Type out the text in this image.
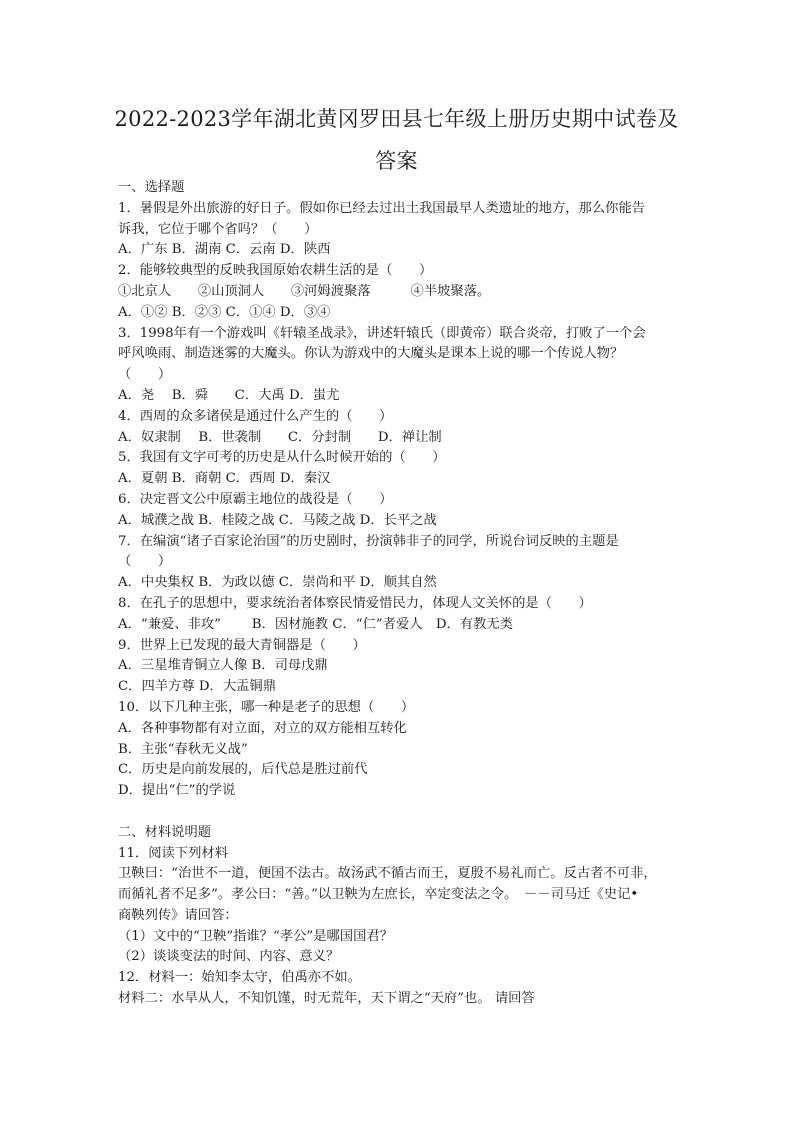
2022-2023学年湖北黄冈罗田县七年级上册历史期中试卷及
答案
一、选择题
1．暑假是外出旅游的好日子。假如你已经去过出土我国最早人类遗址的地方，那么你能告
诉我，它位于哪个省吗？（　　）
A．广东 B．湖南 C．云南 D．陕西
2．能够较典型的反映我国原始农耕生活的是（　　）
①北京人　　②山顶洞人　　③河姆渡聚落　　　④半坡聚落。
A．①② B．②③ C．①④ D．③④
3．1998年有一个游戏叫《轩辕圣战录》，讲述轩辕氏（即黄帝）联合炎帝，打败了一个会
呼风唤雨、制造迷雾的大魔头。你认为游戏中的大魔头是课本上说的哪一个传说人物？
（　　）
A．尧　 B．舜　　C．大禹 D．蚩尤
4．西周的众多诸侯是通过什么产生的（　　）
A．奴隶制　 B．世袭制　　C．分封制　　D．禅让制
5．我国有文字可考的历史是从什么时候开始的（　　）
A．夏朝 B．商朝 C．西周 D．秦汉
6．决定晋文公中原霸主地位的战役是（　　）
A．城濮之战 B．桂陵之战 C．马陵之战 D．长平之战
7．在编演“诸子百家论治国”的历史剧时，扮演韩非子的同学，所说台词反映的主题是
（　　）
A．中央集权 B．为政以德 C．崇尚和平 D．顺其自然
8．在孔子的思想中，要求统治者体察民情爱惜民力，体现人文关怀的是（　　）
A．“兼爱、非攻”　　 B．因材施教 C．“仁”者爱人　D．有教无类
9．世界上已发现的最大青铜器是（　　）
A．三星堆青铜立人像 B．司母戊鼎
C．四羊方尊 D．大盂铜鼎
10．以下几种主张，哪一种是老子的思想（　　）
A．各种事物都有对立面，对立的双方能相互转化
B．主张“春秋无义战”
C．历史是向前发展的，后代总是胜过前代
D．提出“仁”的学说
二、材料说明题
11．阅读下列材料
卫鞅曰：“治世不一道，便国不法古。故汤武不循古而王，夏殷不易礼而亡。反古者不可非，
而循礼者不足多”。孝公曰：“善。”以卫鞅为左庶长，卒定变法之令。　－－司马迁《史记•
商鞅列传》请回答：
（1）文中的“卫鞅”指谁？“孝公”是哪国国君？
（2）谈谈变法的时间、内容、意义？
12．材料一：始知李太守，伯禹亦不如。
材料二：水旱从人，不知饥馑，时无荒年，天下谓之“天府”也。 请回答
